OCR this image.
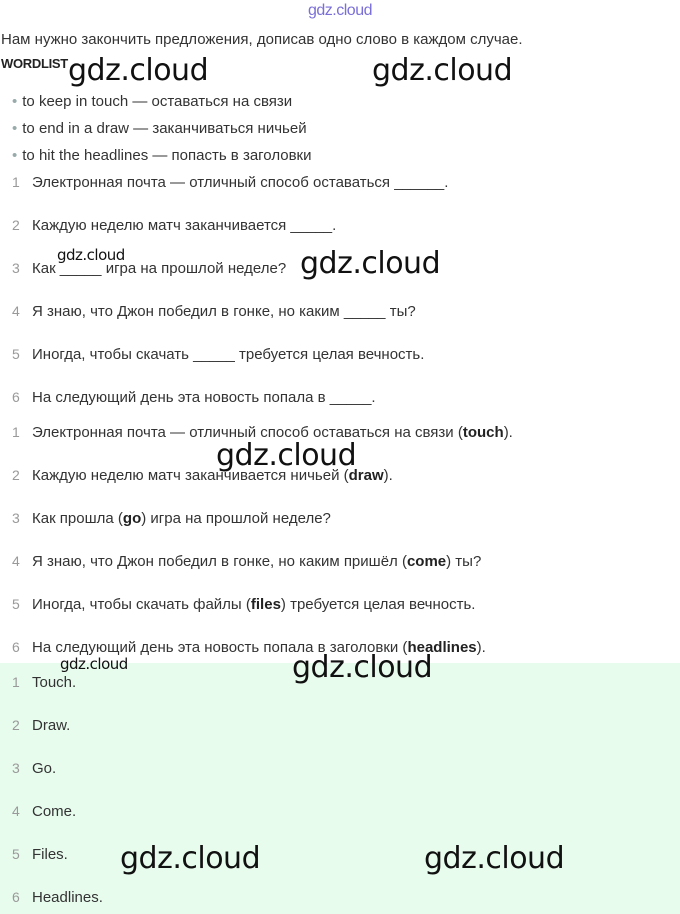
gdz.cloud
Нам нужно закончить предложения, дописав одно слово в каждом случае.
WORDLIST
• to keep in touch — оставаться на связи
• to end in a draw — заканчиваться ничьей
• to hit the headlines — попасть в заголовки
1 Электронная почта — отличный способ оставаться ______.
2 Каждую неделю матч заканчивается _____.
3 Как _____ игра на прошлой неделе?
4 Я знаю, что Джон победил в гонке, но каким _____ ты?
5 Иногда, чтобы скачать _____ требуется целая вечность.
6 На следующий день эта новость попала в _____.
1 Электронная почта — отличный способ оставаться на связи (touch).
2 Каждую неделю матч заканчивается ничьей (draw).
3 Как прошла (go) игра на прошлой неделе?
4 Я знаю, что Джон победил в гонке, но каким пришёл (come) ты?
5 Иногда, чтобы скачать файлы (files) требуется целая вечность.
6 На следующий день эта новость попала в заголовки (headlines).
1 Touch.
2 Draw.
3 Go.
4 Come.
5 Files.
6 Headlines.
gdz.cloud	gdz.cloud
gdz.cloud	gdz.cloud
gdz.cloud
gdz.cloud	gdz.cloud
gdz.cloud	gdz.cloud
